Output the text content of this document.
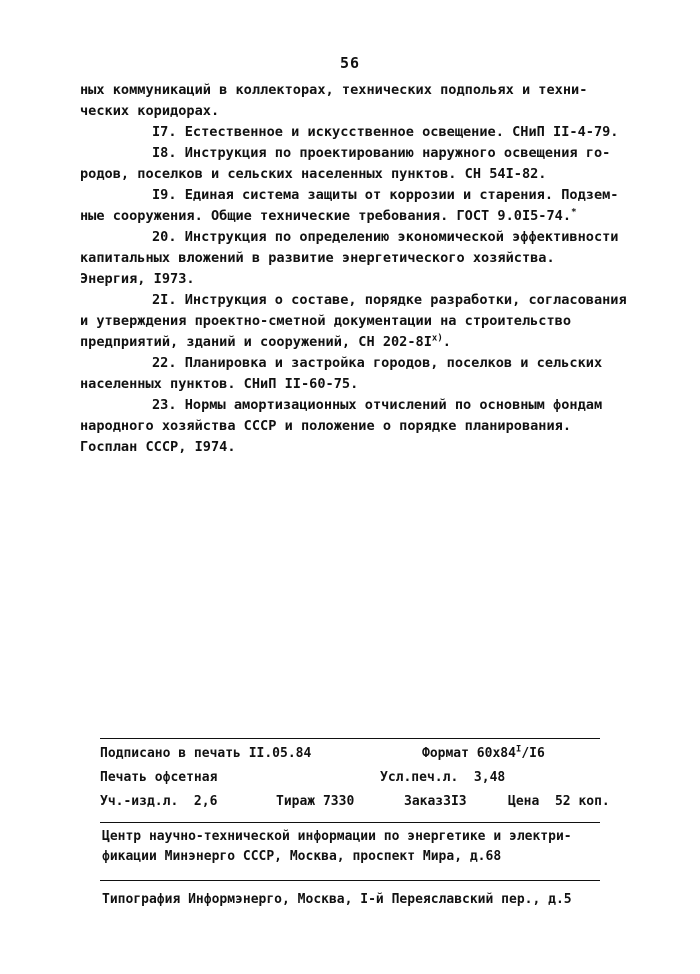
56
ных коммуникаций в коллекторах, технических подпольях и техни-
ческих коридорах.
I7. Естественное и искусственное освещение. СНиП II-4-79.
I8. Инструкция по проектированию наружного освещения го-
родов, поселков и сельских населенных пунктов. СН 54I-82.
I9. Единая система защиты от коррозии и старения. Подзем-
ные сооружения. Общие технические требования. ГОСТ 9.0I5-74.*
20. Инструкция по определению экономической эффективности
капитальных вложений в развитие энергетического хозяйства.
Энергия, I973.
2I. Инструкция о составе, порядке разработки, согласования
и утверждения проектно-сметной документации на строительство
предприятий, зданий и сооружений, СН $202-8I^{x)}$.
22. Планировка и застройка городов, поселков и сельских
населенных пунктов. СНиП II-60-75.
23. Нормы амортизационных отчислений по основным фондам
народного хозяйства СССР и положение о порядке планирования.
Госплан СССР, I974.
Подписано в печать II.05.84	Формат $60x84^I/I6$
Печать офсетная	Усл.печ.л.  3,48
Уч.-изд.л.  2,6	Тираж 7330	Заказ3I3	Цена  52 коп.
Центр научно-технической информации по энергетике и электри-
фикации Минэнерго СССР, Москва, проспект Мира, д.68
Типография Информэнерго, Москва, I-й Переяславский пер., д.5
